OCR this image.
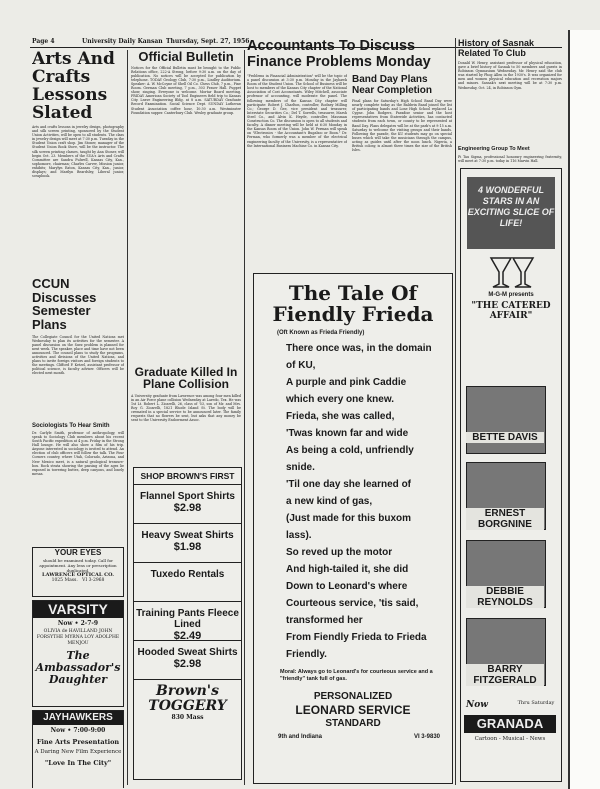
Page 4	University Daily Kansan Thursday, Sept. 27, 1956
Arts And Crafts Lessons Slated
Arts and crafts lessons in jewelry design, photography and silk screen printing, sponsored by the Student Union Activities, will be open to all students. The class in jewelry design will meet at 7:30 p.m. Tuesday in the Student Union craft shop. Jim Stoner, manager of the Student Union Book Store, will be the instructor. The silk screen printing classes, taught by Ann Stoner, will begin Oct. 23. Members of the SUA's Arts and Crafts Committee are Sandra Fulwell, Kansas City, Kan., sophomore, chairman; Charles Carver, Mission junior, exhibits; Marylyn Eaton, Kansas City, Kan., junior, displays; and Marilyn Beardsley, Liberal junior, scrapbook.
CCUN Discusses Semester Plans
The Collegiate Council for the United Nations met Wednesday to plan its activities for the semester. A panel discussion on the Suez problem is planned for next week. The speaker, place and time have not been announced. The council plans to study the programs, activities and divisions of the United Nations, and plans to invite foreign visitors and foreign students to the meetings. Clifford P. Ketzel, assistant professor of political science, is faculty adviser. Officers will be elected next month.
Sociologists To Hear Smith
Dr. Carlyle Smith, professor of anthropology, will speak to Sociology Club members about his recent South Pacific expedition at 4 p.m. Friday in the Strong Hall lounge. He will also show a film of his trip. Anyone interested in sociology is invited to attend. An election of club officers will follow the talk. The Four Corners country, where Utah, Colorado, Arizona, and New Mexico meet, is a natural geological treasure-box. Rock strata showing the passing of the ages lie exposed in towering buttes, deep canyons, and lonely mesas.
YOUR EYES
should be examined today. Call for appointment. Any lens or prescription duplicated.
LAWRENCE OPTICAL CO.
1025 Mass. VI 3-2968
VARSITY
Now • 2-7-9
OLIVIA de HAVILLAND JOHN FORSYTHE MYRNA LOY ADOLPHE MENJOU
The Ambassador's Daughter
JAYHAWKERS
Now • 7:00-9:00
Fine Arts Presentation
A Daring New Film Experience
"Love In The City"
Official Bulletin
Notices for the Official Bulletin must be brought to the Public Relations office, 222-A Strong, before 9:30 a.m. on the day of publication. No notices will be accepted for publication by telephone. TODAY Geology Club, 7:30 p.m., Lindley Auditorium. Speaker: A. W. McCoyne of Shell Oil Co. Chess Club, 7 p.m., Pine Room. German Club meeting, 7 p.m., 303 Fraser Hall. Puppet show, singing. Everyone is welcome. Mortar Board meeting. FRIDAY American Society of Tool Engineers field trip to Kansas City. Leave Engineering Bldg. at 8 a.m. SATURDAY Graduate Record Examination. Social Science Dept. SUNDAY Lutheran Student Association coffee hour, 10:30 a.m. Westminster Foundation supper. Canterbury Club. Wesley graduate group.
Graduate Killed In Plane Collision
A University graduate from Lawrence was among four men killed in an Air Force plane collision Wednesday at Laredo, Tex. He was 1st Lt. Robert L. Zicarelli, 26, class of '53, son of Mr. and Mrs. Roy G. Zicarelli, 1821 Rhode Island St. The body will be cremated in a special service to be announced later. The family requests that no flowers be sent, but asks that any money be sent to the University Endowment Assoc.
SHOP BROWN'S FIRST
Flannel Sport Shirts
$2.98
Heavy Sweat Shirts
$1.98
Tuxedo Rentals
Training Pants Fleece Lined
$2.49
Hooded Sweat Shirts
$2.98
Brown's TOGGERY
830 Mass
Accountants To Discuss Finance Problems Monday
"Problems in Financial Administration" will be the topic of a panel discussion at 3:30 p.m. Monday in the Jayhawk Room of the Student Union. The School of Business will be host to members of the Kansas City chapter of the National Association of Cost Accountants. Wiley Mitchell, associate professor of accounting, will moderate the panel. The following members of the Kansas City chapter will participate: Robert J. Charlton, controller, Rodney Milling Co.; George D. Gee, vice president and treasurer, Interstate Securities Co.; Del T. Sorrells, treasurer, Marsh Steel Co., and Alvin K. Heyde, controller, Massman Construction Co. The discussion is open to all students and faculty. A dinner meeting will be held at 6:30 Monday in the Kansas Room of the Union. John W. Ferman will speak on "Electronics - the Accountant's Bugaboo or Boon." Dr. Ferman, who formerly was a member of the electrical engineering faculty of the University, is a representative of the International Business Machine Co. in Kansas City.
Band Day Plans Near Completion
Final plans for Saturday's High School Band Day were nearly complete today as the Baldwin Band joined the list of participating bands and Lone High School replaced La Cygne. John Rodgers, Paradise senior and the host representatives from Statewide Activities, has contacted students from each town, or county to be represented at Band Day. Plans delegates will be at the park's at 9:15 a.m. Saturday to welcome the visiting groups and their bands. Following the parade, the KU students may go on special buses which will take the musicians through the campus, acting as guides until after the noon lunch. Nigeria, a British colony, is almost three times the size of the British Isles.
The Tale Of Fiendly Frieda
(Oft Known as Frieda Friendly)
There once was, in the domain
of KU,
A purple and pink Caddie
which every one knew.
Frieda, she was called,
'Twas known far and wide
As being a cold, unfriendly
snide.
'Til one day she learned of
a new kind of gas,
(Just made for this buxom
lass).
So reved up the motor
And high-tailed it, she did
Down to Leonard's where
Courteous service, 'tis said,
transformed her
From Fiendly Frieda to Frieda
Friendly.
Moral: Always go to Leonard's for courteous service and a "friendly" tank full of gas.
PERSONALIZED
LEONARD SERVICE
STANDARD
9th and Indiana	VI 3-9830
History of Sasnak Related To Club
Donald W. Henry, assistant professor of physical education, gave a brief history of Sasnak to 50 members and guests in Robinson Gymnasium Wednesday. Mr. Henry said the club was started by Phog Allen in the 1930's. It was organized for men and women physical education and recreation majors and minors. Sasnak's next meeting will be at 7:30 p.m. Wednesday, Oct. 24, in Robinson Gym.
Engineering Group To Meet
Pi Tau Sigma, professional honorary engineering fraternity, will meet at 7:30 p.m. today in 116 Marvin Hall.
4 WONDERFUL STARS IN AN EXCITING SLICE OF LIFE!
M-G-M presents
"THE CATERED AFFAIR"
BETTE DAVIS
ERNEST BORGNINE
DEBBIE REYNOLDS
BARRY FITZGERALD
Now	Thru Saturday
GRANADA
Cartoon - Musical - News
